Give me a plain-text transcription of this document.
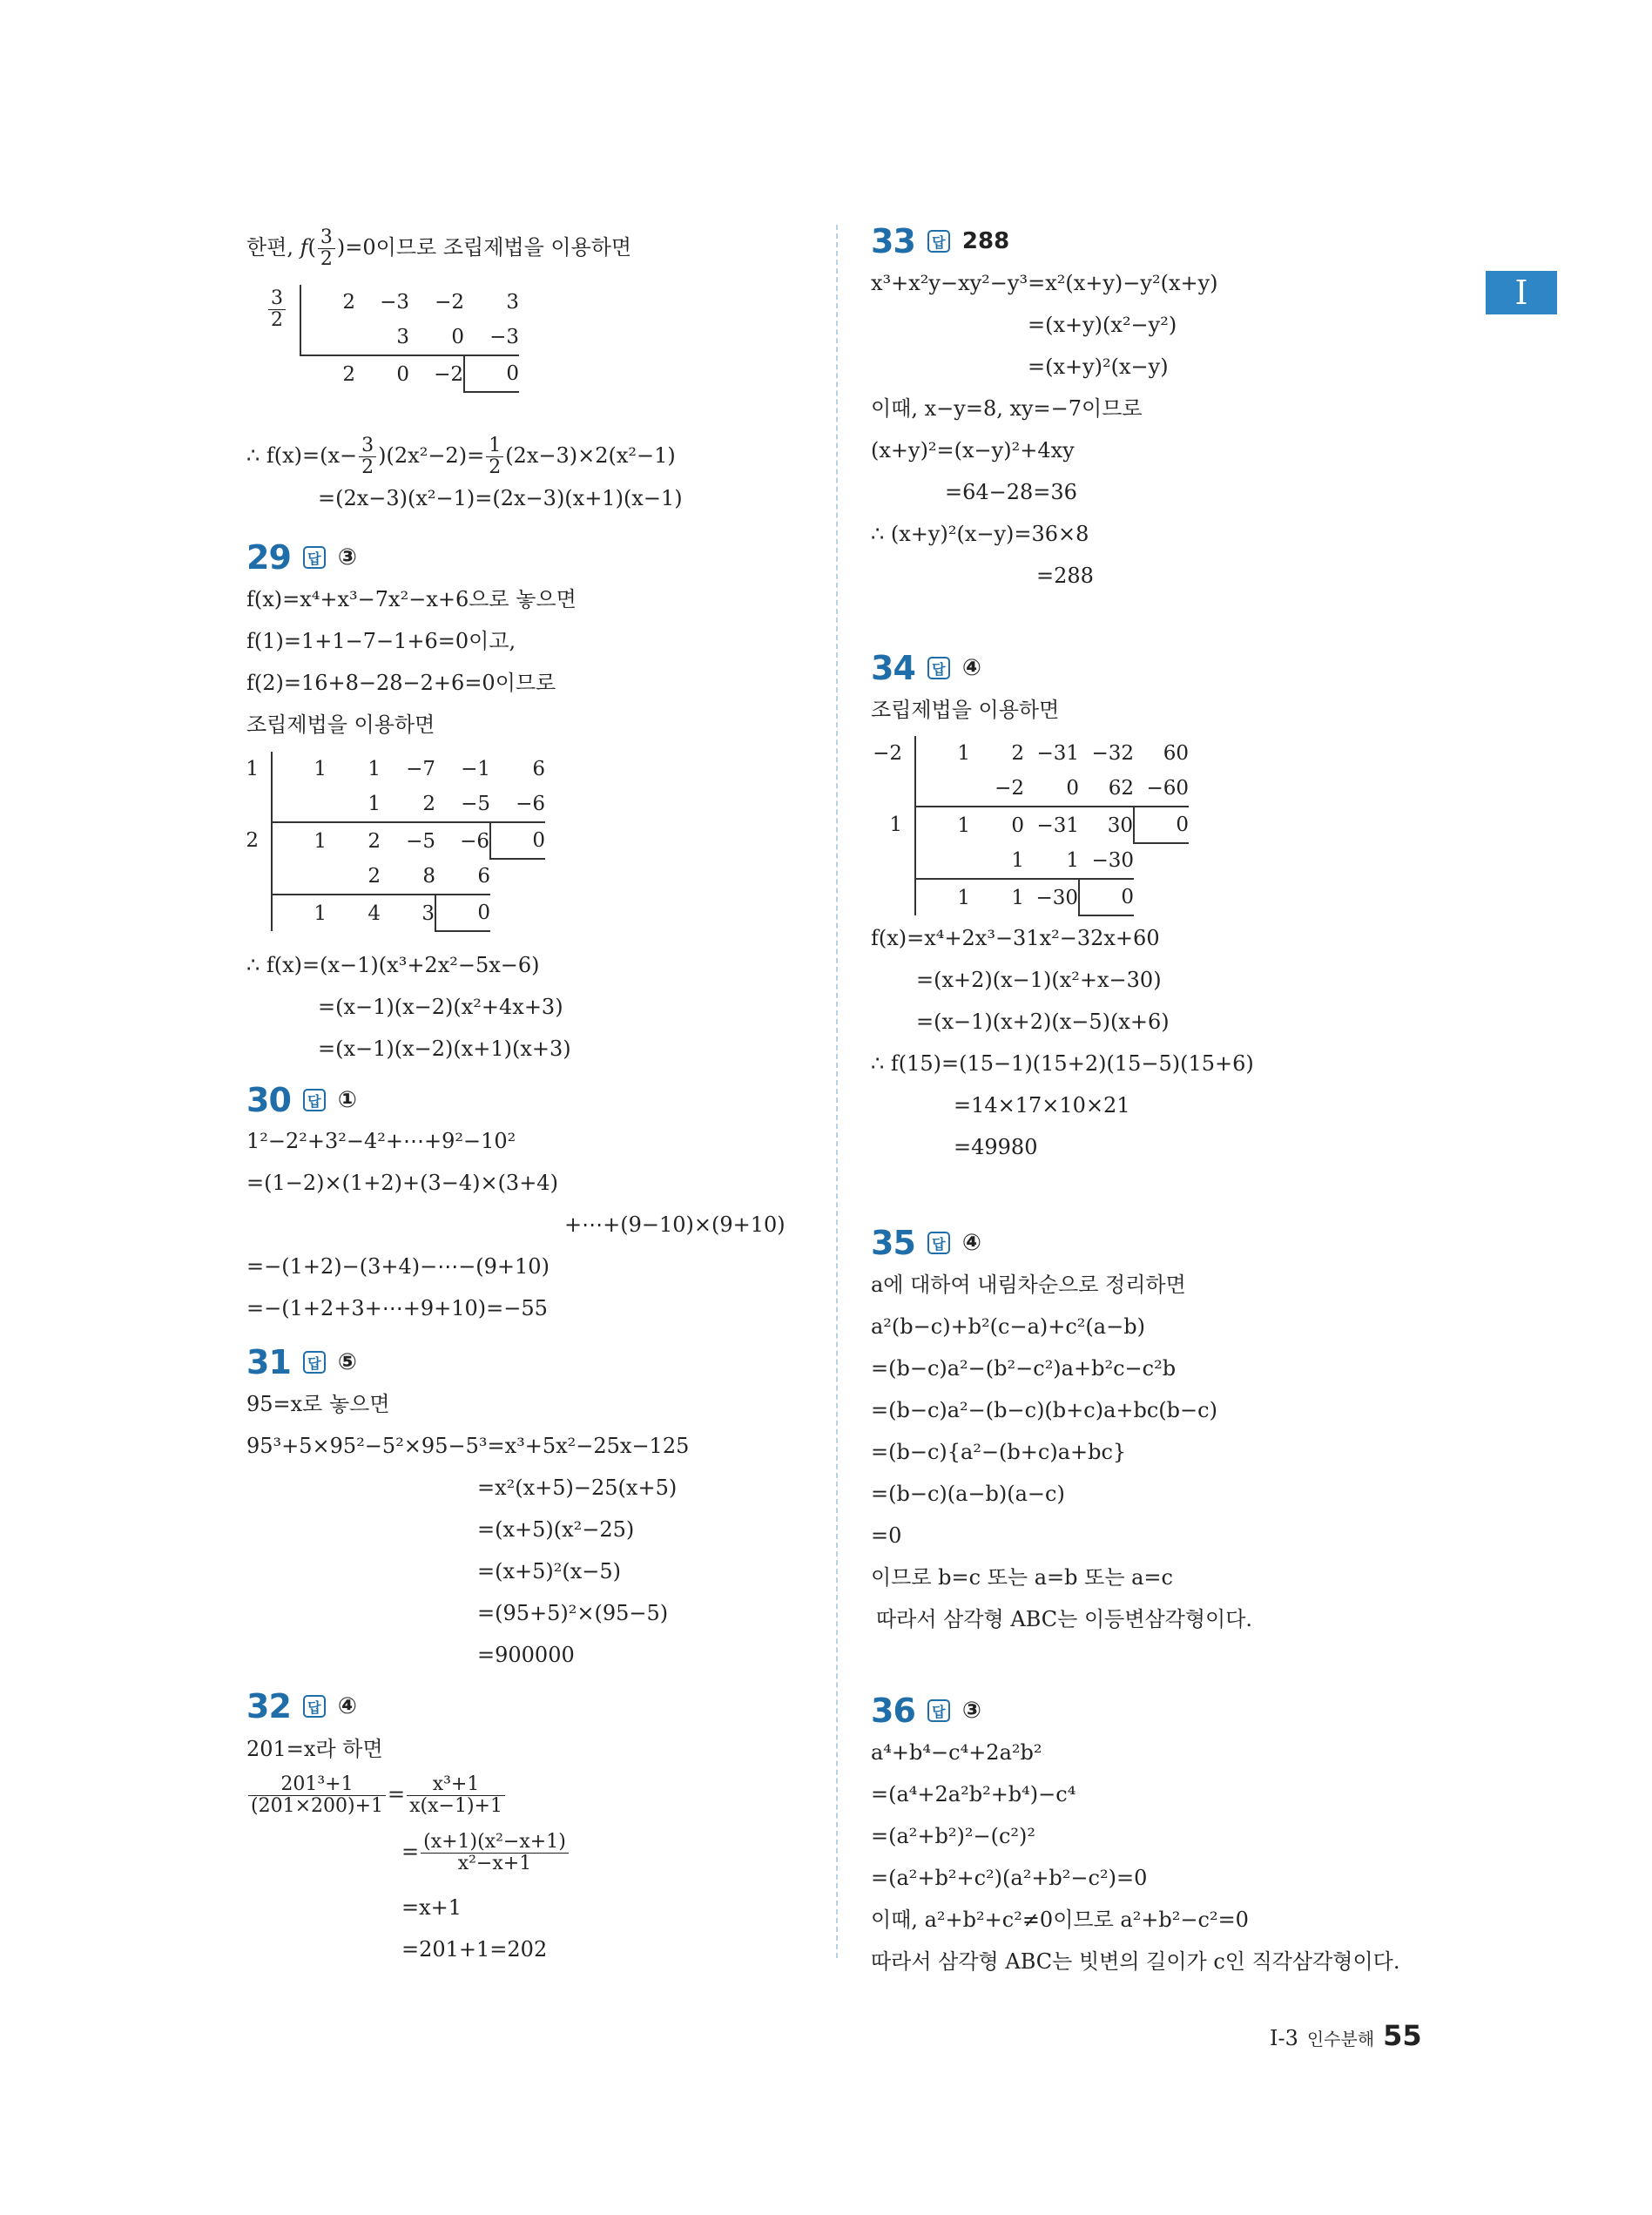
I
한편, $f( \frac{3}{2} )=0$이므로 조립제법을 이용하면
$\frac{3}{2}$	2	−3	−2	3
		3	0	−3
	2	0	−2	0
∴ $f(x)=(x- \frac{3}{2} )(2x^2-2)= \frac{1}{2} (2x-3)\times 2(x^2-1)$
=(2x−3)(x²−1)=(2x−3)(x+1)(x−1)
29	답 ③
f(x)=x⁴+x³−7x²−x+6으로 놓으면
f(1)=1+1−7−1+6=0이고,
f(2)=16+8−28−2+6=0이므로
조립제법을 이용하면
1	1	1	−7	−1	6
		1	2	−5	−6
2	1	2	−5	−6	0
		2	8	6	
	1	4	3	0	
∴ f(x)=(x−1)(x³+2x²−5x−6)
=(x−1)(x−2)(x²+4x+3)
=(x−1)(x−2)(x+1)(x+3)
30	답 ①
1²−2²+3²−4²+⋯+9²−10²
=(1−2)×(1+2)+(3−4)×(3+4)
+⋯+(9−10)×(9+10)
=−(1+2)−(3+4)−⋯−(9+10)
=−(1+2+3+⋯+9+10)=−55
31	답 ⑤
95=x로 놓으면
95³+5×95²−5²×95−5³=x³+5x²−25x−125
=x²(x+5)−25(x+5)
=(x+5)(x²−25)
=(x+5)²(x−5)
=(95+5)²×(95−5)
=900000
32	답 ④
201=x라 하면
$\frac{\text{201³+1}}{(201\times 200)+1} = \frac{\text{x³+1}}{x(x-1)+1}$
= $\frac{\text{(x+1)(x²−x+1)}}{\text{x²−x+1}}$
=x+1
=201+1=202
33	답 288
x³+x²y−xy²−y³=x²(x+y)−y²(x+y)
=(x+y)(x²−y²)
=(x+y)²(x−y)
이때, x−y=8, xy=−7이므로
(x+y)²=(x−y)²+4xy
=64−28=36
∴ (x+y)²(x−y)=36×8
=288
34	답 ④
조립제법을 이용하면
−2	1	2	−31	−32	60
		−2	0	62	−60
1	1	0	−31	30	0
		1	1	−30	
	1	1	−30	0	
f(x)=x⁴+2x³−31x²−32x+60
=(x+2)(x−1)(x²+x−30)
=(x−1)(x+2)(x−5)(x+6)
∴ f(15)=(15−1)(15+2)(15−5)(15+6)
=14×17×10×21
=49980
35	답 ④
a에 대하여 내림차순으로 정리하면
a²(b−c)+b²(c−a)+c²(a−b)
=(b−c)a²−(b²−c²)a+b²c−c²b
=(b−c)a²−(b−c)(b+c)a+bc(b−c)
=(b−c){a²−(b+c)a+bc}
=(b−c)(a−b)(a−c)
=0
이므로 b=c 또는 a=b 또는 a=c
따라서 삼각형 ABC는 이등변삼각형이다.
36	답 ③
a⁴+b⁴−c⁴+2a²b²
=(a⁴+2a²b²+b⁴)−c⁴
=(a²+b²)²−(c²)²
=(a²+b²+c²)(a²+b²−c²)=0
이때, a²+b²+c²≠0이므로 a²+b²−c²=0
따라서 삼각형 ABC는 빗변의 길이가 c인 직각삼각형이다.
I-3 인수분해 55
